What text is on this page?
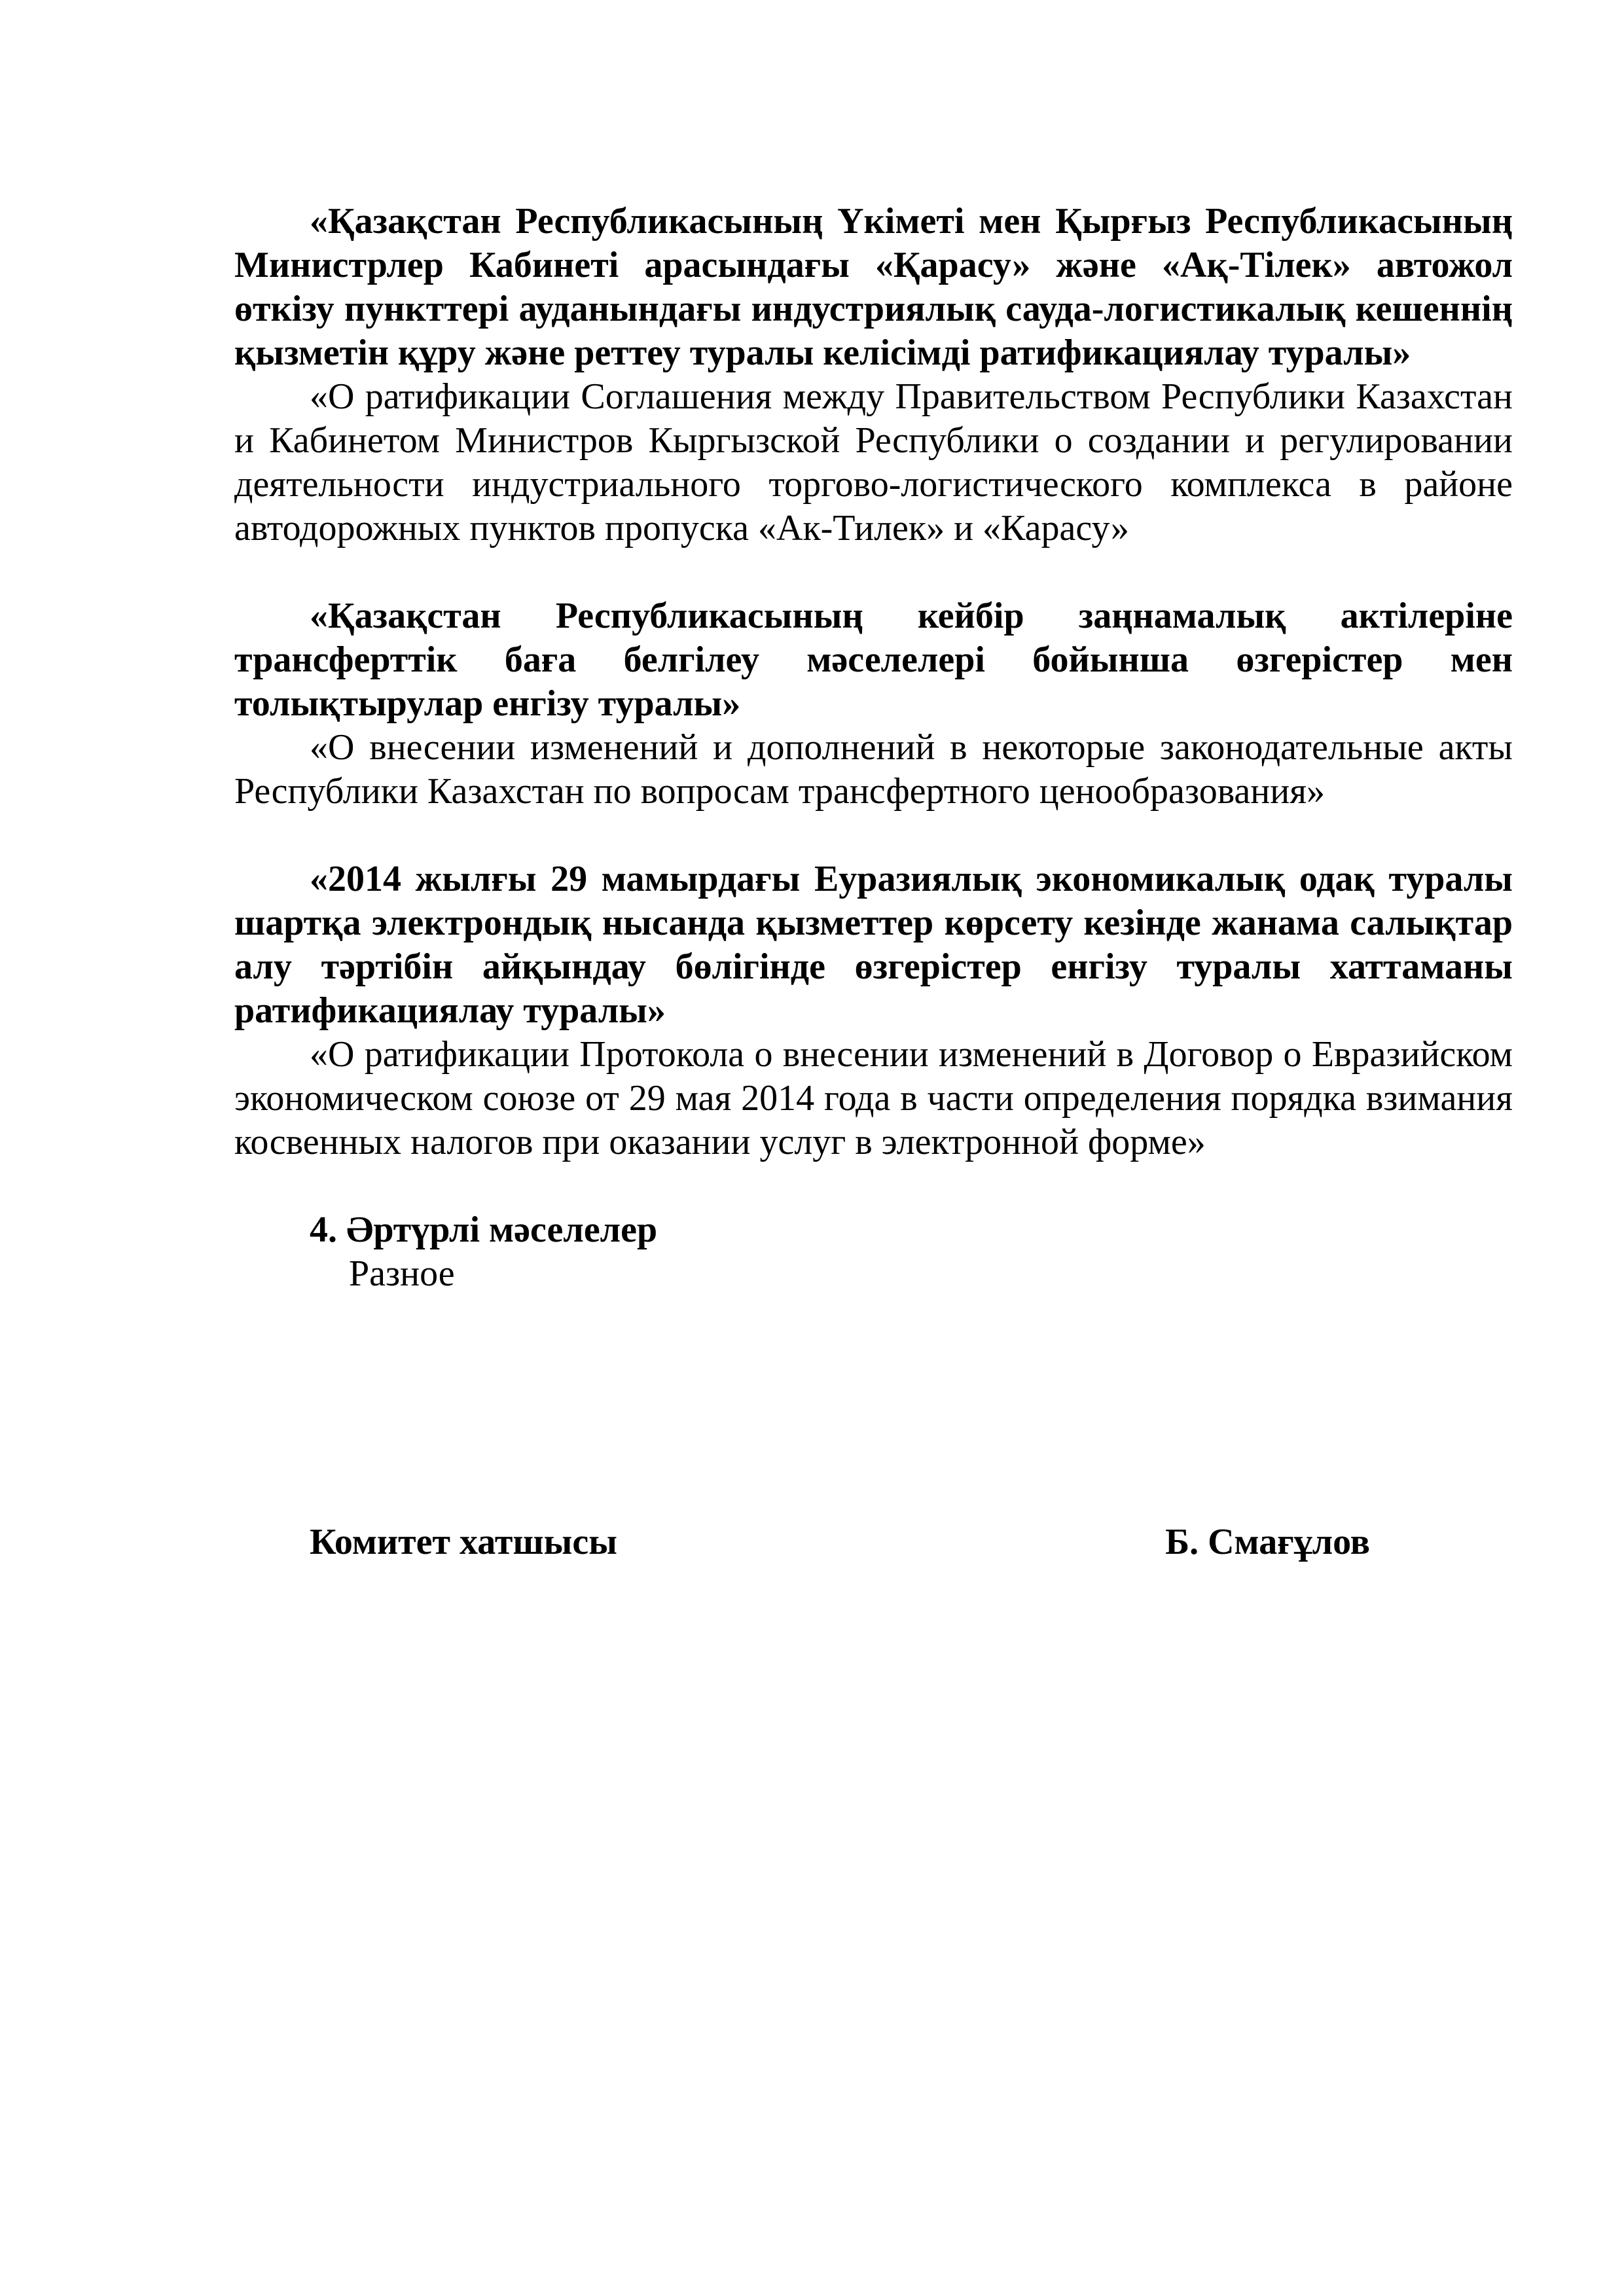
«Қазақстан Республикасының Үкіметі мен Қырғыз Республикасының Министрлер Кабинеті арасындағы «Қарасу» және «Ақ-Тілек» автожол өткізу пункттері ауданындағы индустриялық сауда-логистикалық кешеннің қызметін құру және реттеу туралы келісімді ратификациялау туралы»

«О ратификации Соглашения между Правительством Республики Казахстан и Кабинетом Министров Кыргызской Республики о создании и регулировании деятельности индустриального торгово-логистического комплекса в районе автодорожных пунктов пропуска «Ак-Тилек» и «Карасу»

«Қазақстан Республикасының кейбір заңнамалық актілеріне трансферттік баға белгілеу мәселелері бойынша өзгерістер мен толықтырулар енгізу туралы»

«О внесении изменений и дополнений в некоторые законодательные акты Республики Казахстан по вопросам трансфертного ценообразования»

«2014 жылғы 29 мамырдағы Еуразиялық экономикалық одақ туралы шартқа электрондық нысанда қызметтер көрсету кезінде жанама салықтар алу тәртібін айқындау бөлігінде өзгерістер енгізу туралы хаттаманы ратификациялау туралы»

«О ратификации Протокола о внесении изменений в Договор о Евразийском экономическом союзе от 29 мая 2014 года в части определения порядка взимания косвенных налогов при оказании услуг в электронной форме»

4. Әртүрлі мәселелер

Разное

Комитет хатшысы	Б. Смағұлов
